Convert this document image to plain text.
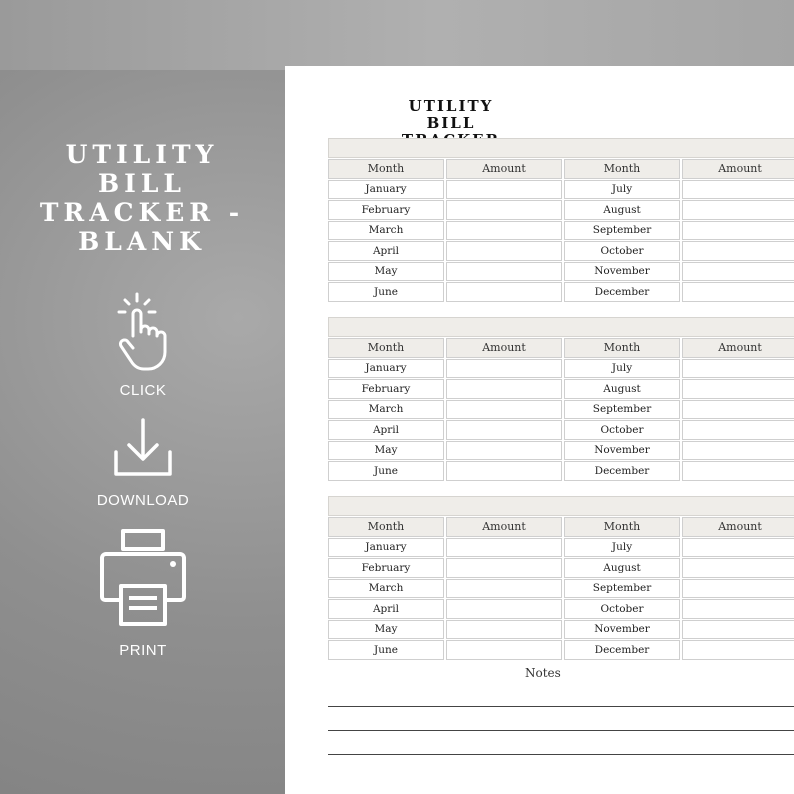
UTILITY BILL
TRACKER -
BLANK
CLICK
DOWNLOAD
PRINT
UTILITY BILL
Month	Amount	Month	Amount
January		July	
February		August	
March		September	
April		October	
May		November	
June		December	
Month	Amount	Month	Amount
January		July	
February		August	
March		September	
April		October	
May		November	
June		December	
Month	Amount	Month	Amount
January		July	
February		August	
March		September	
April		October	
May		November	
June		December	
Notes
